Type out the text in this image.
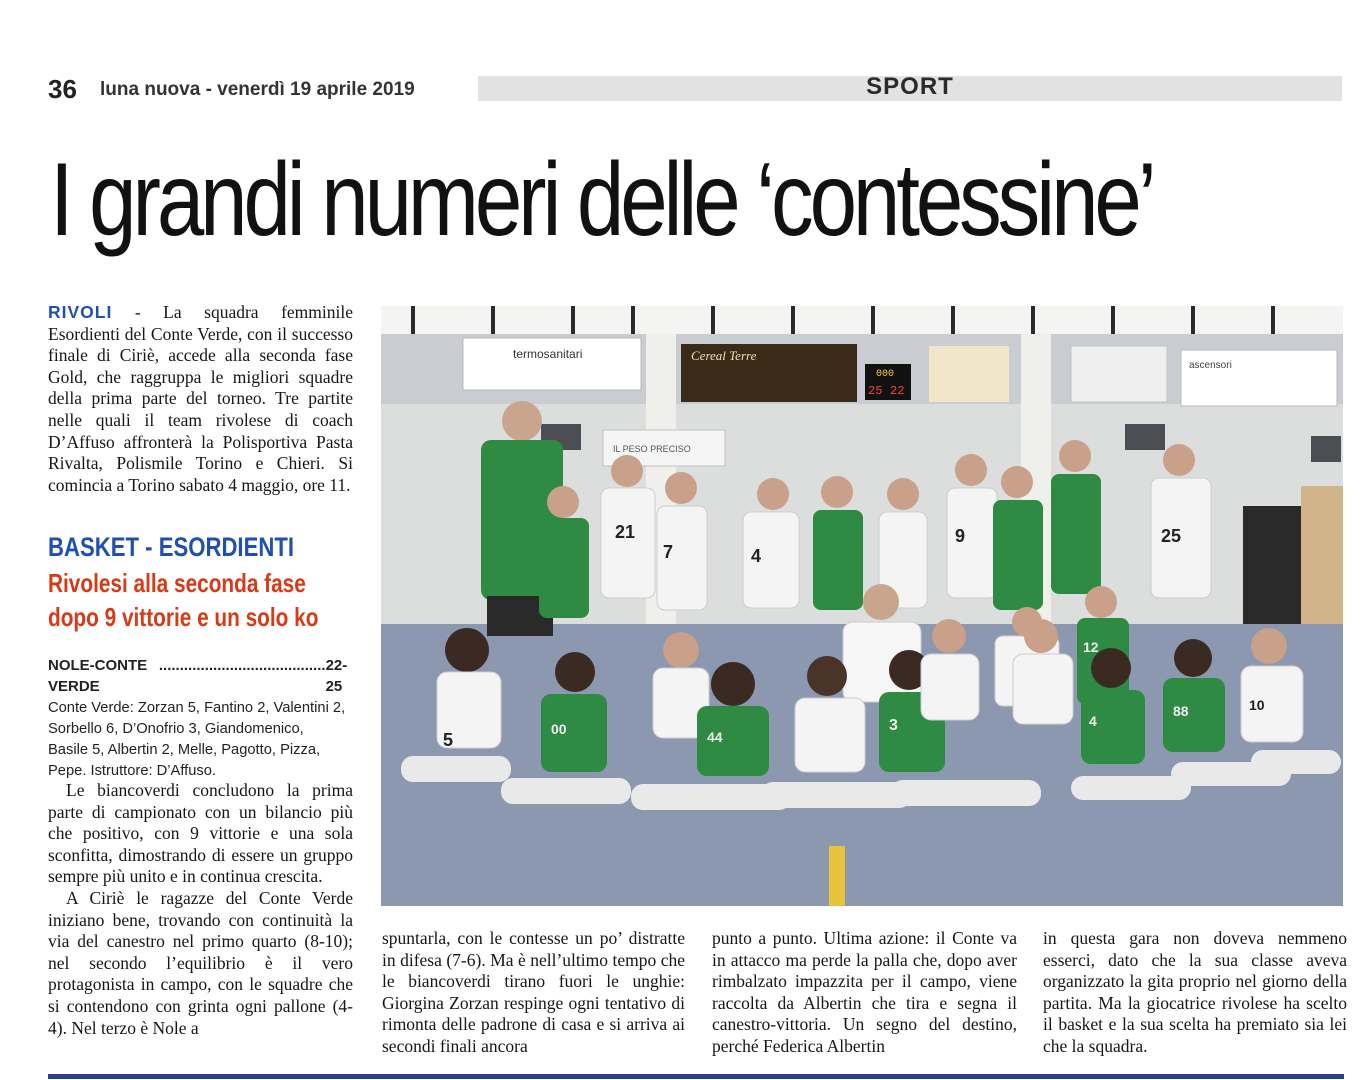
36 luna nuova - venerdì 19 aprile 2019	SPORT
I grandi numeri delle ‘contessine’

RIVOLI - La squadra femminile Esordienti del Conte Verde, con il successo finale di Ciriè, accede alla seconda fase Gold, che raggruppa le migliori squadre della prima parte del torneo. Tre partite nelle quali il team rivolese di coach D’Affuso affronterà la Polisportiva Pasta Rivalta, Polismile Torino e Chieri. Si comincia a Torino sabato 4 maggio, ore 11.

BASKET - ESORDIENTI
Rivolesi alla seconda fase
dopo 9 vittorie e un solo ko
NOLE-CONTE VERDE
........................................ 22-25
Conte Verde: Zorzan 5, Fantino 2, Valentini 2, Sorbello 6, D’Onofrio 3, Giandomenico, Basile 5, Albertin 2, Melle, Pagotto, Pizza, Pepe. Istruttore: D’Affuso.

Le biancoverdi concludono la prima parte di campionato con un bilancio più che positivo, con 9 vittorie e una sola sconfitta, dimostrando di essere un gruppo sempre più unito e in continua crescita.

A Ciriè le ragazze del Conte Verde iniziano bene, trovando con continuità la via del canestro nel primo quarto (8-10); nel secondo l’equilibrio è il vero protagonista in campo, con le squadre che si contendono con grinta ogni pallone (4-4). Nel terzo è Nole a

spuntarla, con le contesse un po’ distratte in difesa (7-6). Ma è nell’ultimo tempo che le biancoverdi tirano fuori le unghie: Giorgina Zorzan respinge ogni tentativo di rimonta delle padrone di casa e si arriva ai secondi finali ancora

punto a punto. Ultima azione: il Conte va in attacco ma perde la palla che, dopo aver rimbalzato impazzita per il campo, viene raccolta da Albertin che tira e segna il canestro-vittoria. Un segno del destino, perché Federica Albertin

in questa gara non doveva nemmeno esserci, dato che la sua classe aveva organizzato la gita proprio nel giorno della partita. Ma la giocatrice rivolese ha scelto il basket e la sua scelta ha premiato sia lei che la squadra.

termosanitari	Cereal Terre
IL PESO PRECISO
ascensori
000
25 22
21
7	4
9	25
12
5
00	44
3	4
88	10
